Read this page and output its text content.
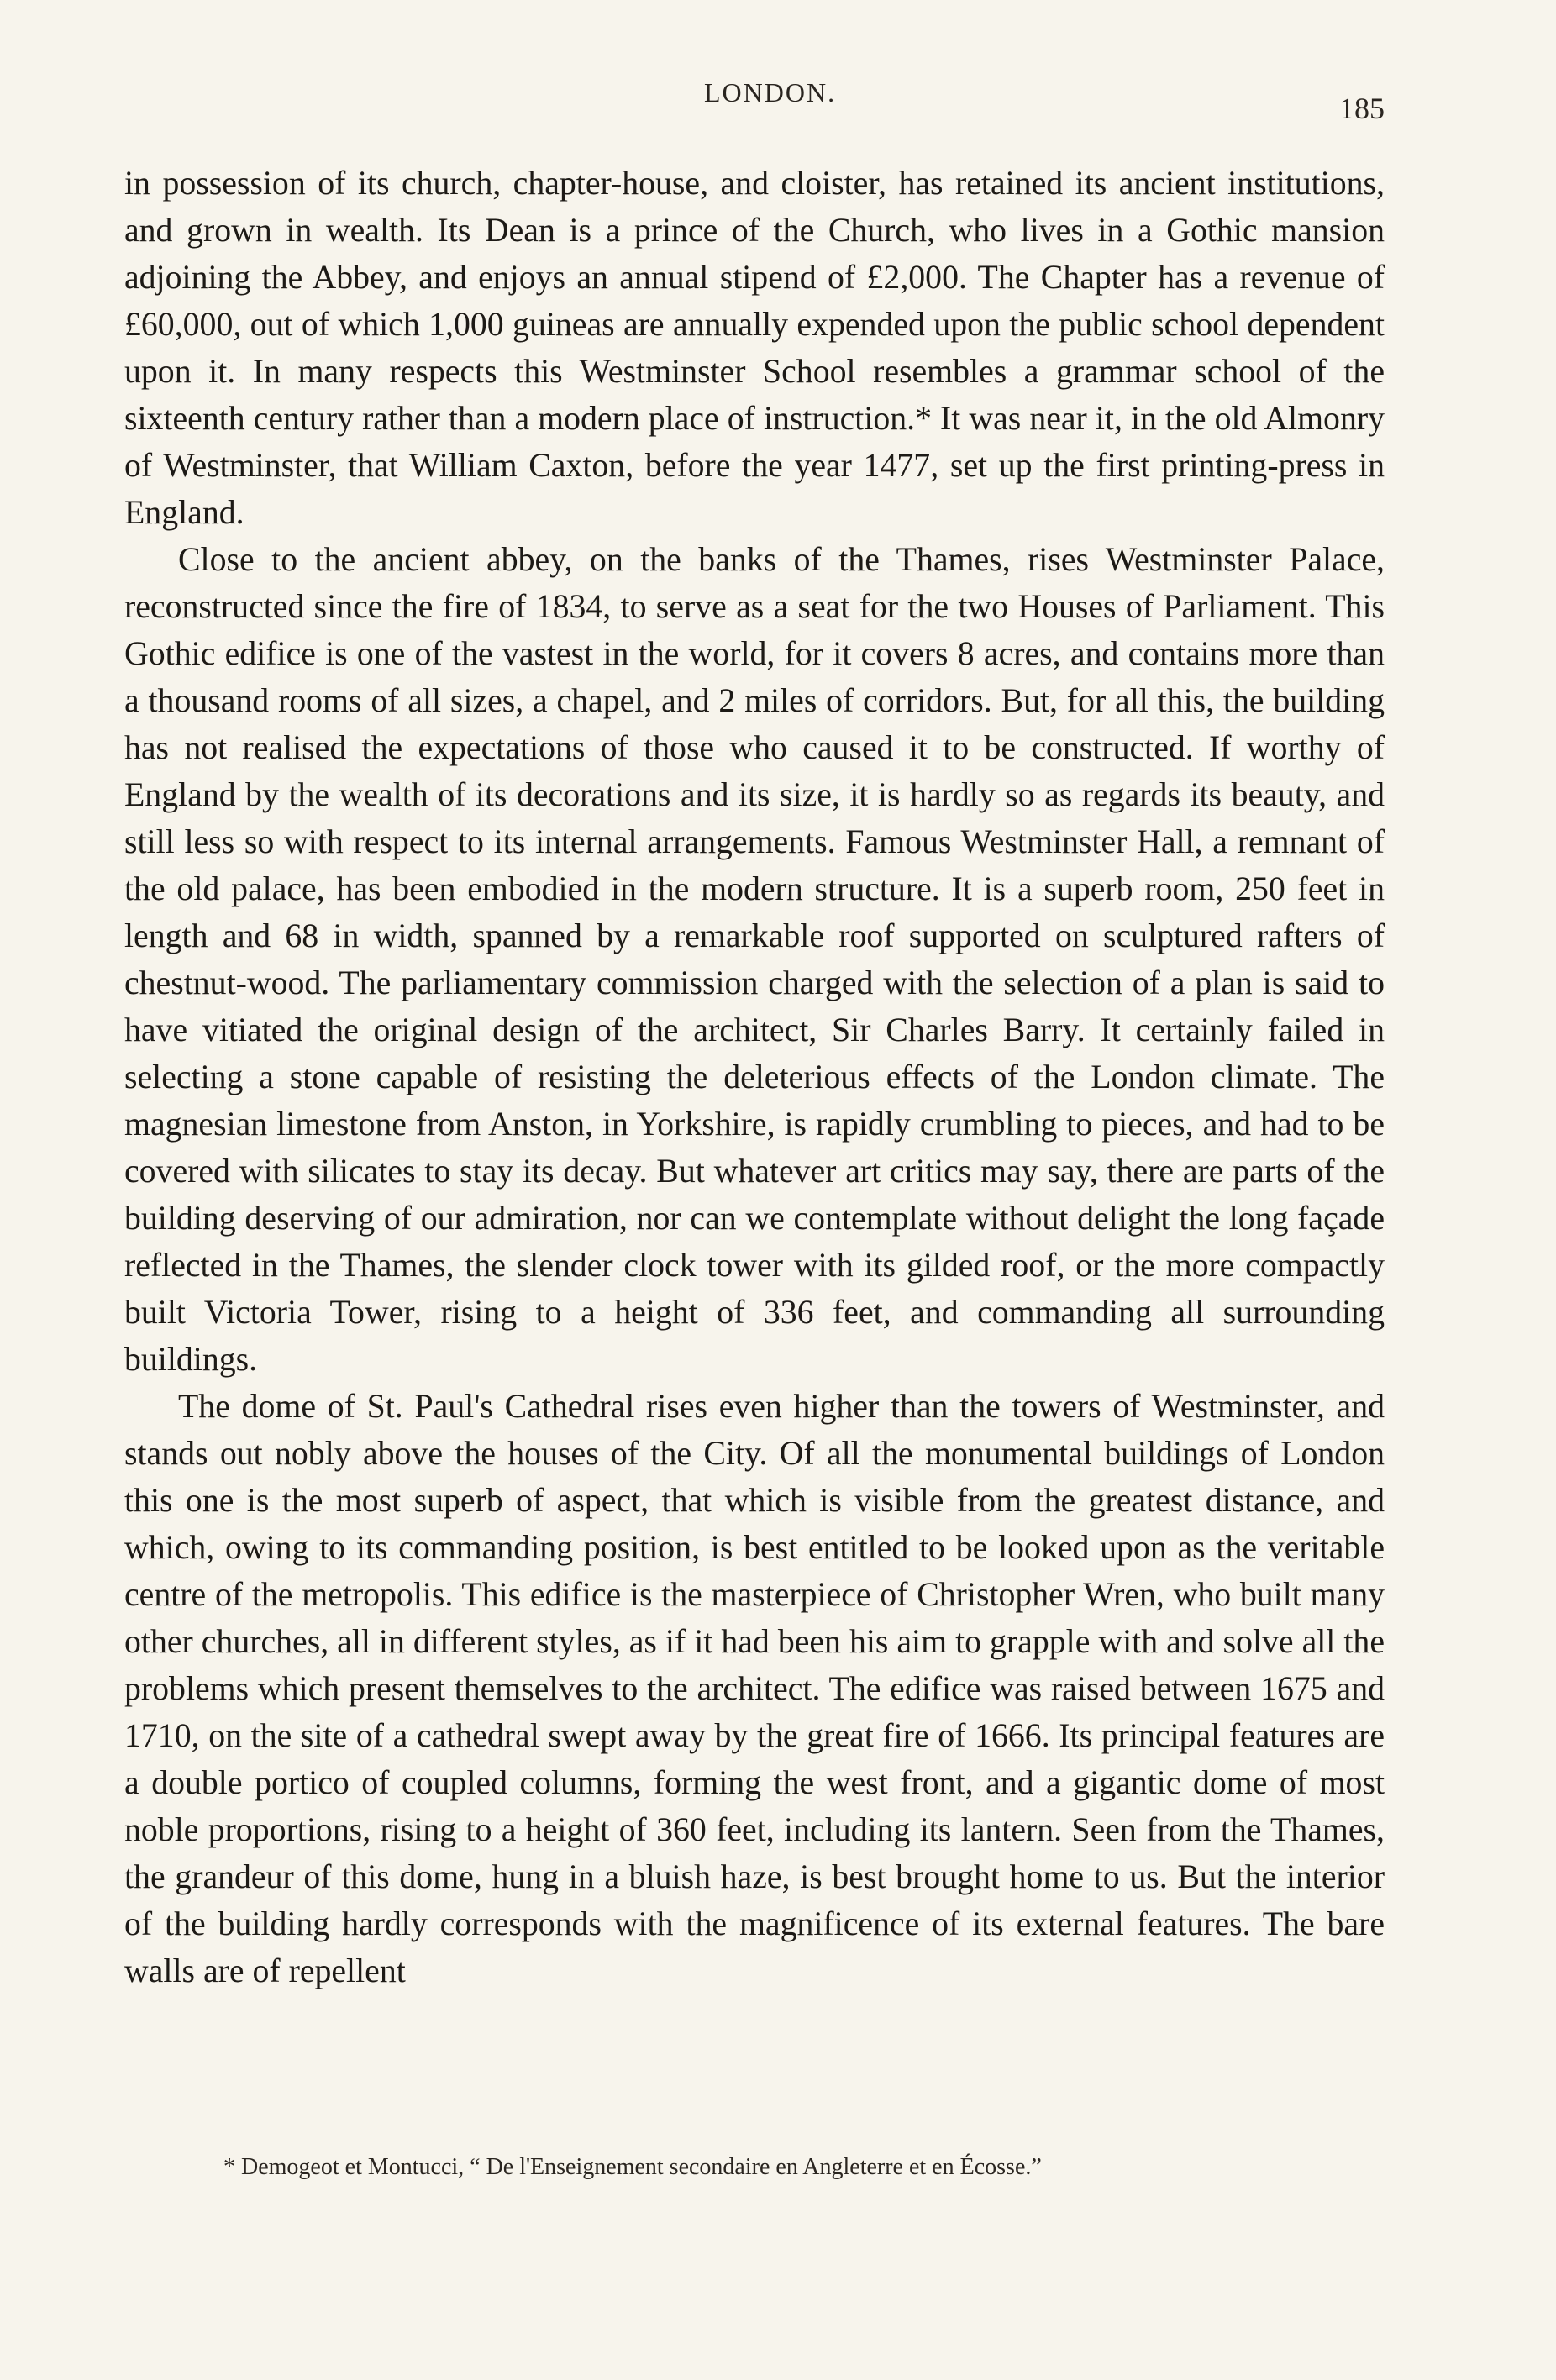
LONDON.	185

in possession of its church, chapter-house, and cloister, has retained its ancient institutions, and grown in wealth. Its Dean is a prince of the Church, who lives in a Gothic mansion adjoining the Abbey, and enjoys an annual stipend of £2,000. The Chapter has a revenue of £60,000, out of which 1,000 guineas are annually expended upon the public school dependent upon it. In many respects this Westminster School resembles a grammar school of the sixteenth century rather than a modern place of instruction.* It was near it, in the old Almonry of Westminster, that William Caxton, before the year 1477, set up the first printing-press in England.

Close to the ancient abbey, on the banks of the Thames, rises Westminster Palace, reconstructed since the fire of 1834, to serve as a seat for the two Houses of Parliament. This Gothic edifice is one of the vastest in the world, for it covers 8 acres, and contains more than a thousand rooms of all sizes, a chapel, and 2 miles of corridors. But, for all this, the building has not realised the expectations of those who caused it to be constructed. If worthy of England by the wealth of its decorations and its size, it is hardly so as regards its beauty, and still less so with respect to its internal arrangements. Famous Westminster Hall, a remnant of the old palace, has been embodied in the modern structure. It is a superb room, 250 feet in length and 68 in width, spanned by a remarkable roof supported on sculptured rafters of chestnut-wood. The parliamentary commission charged with the selection of a plan is said to have vitiated the original design of the architect, Sir Charles Barry. It certainly failed in selecting a stone capable of resisting the deleterious effects of the London climate. The magnesian limestone from Anston, in Yorkshire, is rapidly crumbling to pieces, and had to be covered with silicates to stay its decay. But whatever art critics may say, there are parts of the building deserving of our admiration, nor can we contemplate without delight the long façade reflected in the Thames, the slender clock tower with its gilded roof, or the more compactly built Victoria Tower, rising to a height of 336 feet, and commanding all surrounding buildings.

The dome of St. Paul's Cathedral rises even higher than the towers of Westminster, and stands out nobly above the houses of the City. Of all the monumental buildings of London this one is the most superb of aspect, that which is visible from the greatest distance, and which, owing to its commanding position, is best entitled to be looked upon as the veritable centre of the metropolis. This edifice is the masterpiece of Christopher Wren, who built many other churches, all in different styles, as if it had been his aim to grapple with and solve all the problems which present themselves to the architect. The edifice was raised between 1675 and 1710, on the site of a cathedral swept away by the great fire of 1666. Its principal features are a double portico of coupled columns, forming the west front, and a gigantic dome of most noble proportions, rising to a height of 360 feet, including its lantern. Seen from the Thames, the grandeur of this dome, hung in a bluish haze, is best brought home to us. But the interior of the building hardly corresponds with the magnificence of its external features. The bare walls are of repellent

* Demogeot et Montucci, “ De l'Enseignement secondaire en Angleterre et en Écosse.”
